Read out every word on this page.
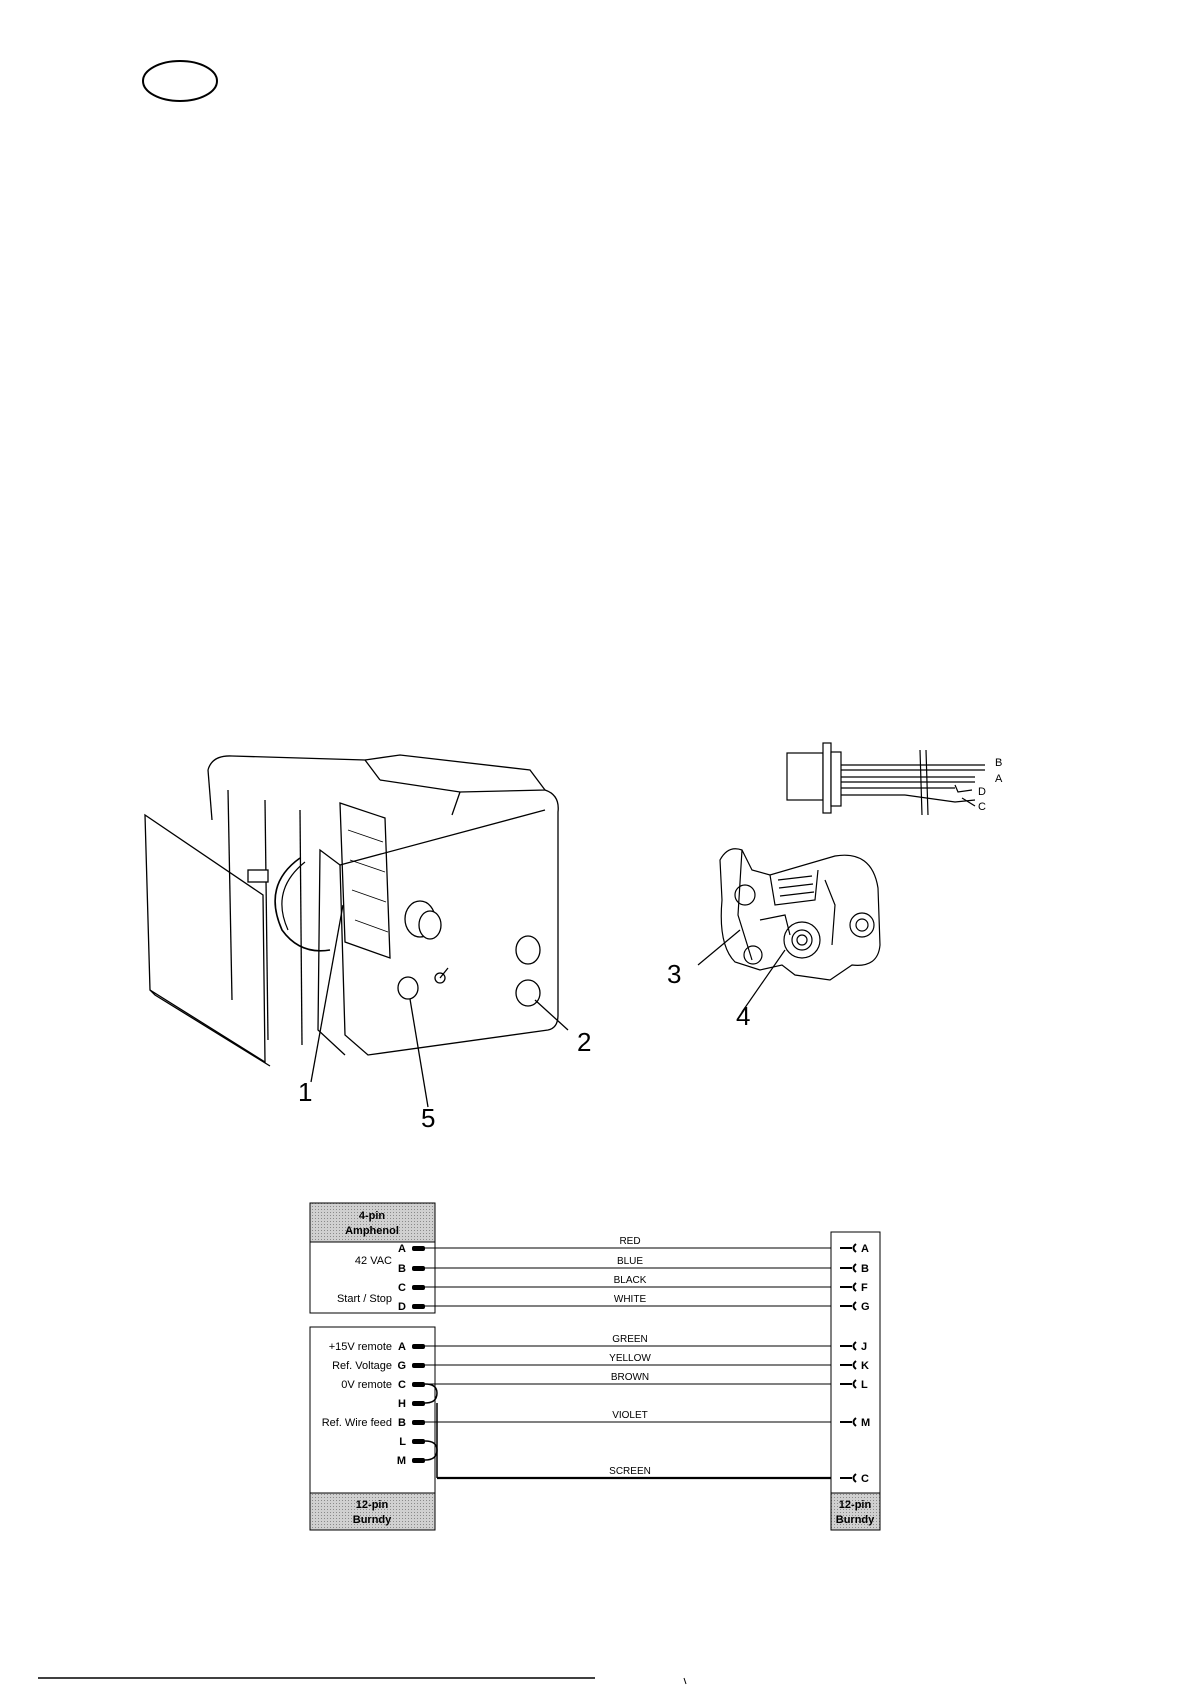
B
A
D
C
1
2
3
4
5
4-pin
Amphenol
12-pin
Burndy
12-pin
Burndy
42 VAC
Start / Stop
A
B
C
D
+15V remote A
Ref. Voltage G
0V remote C
H
Ref. Wire feed B
L
M
RED
BLUE
BLACK
WHITE
GREEN
YELLOW
BROWN
VIOLET
SCREEN
A
B
F
G
J
K
L
M
C
